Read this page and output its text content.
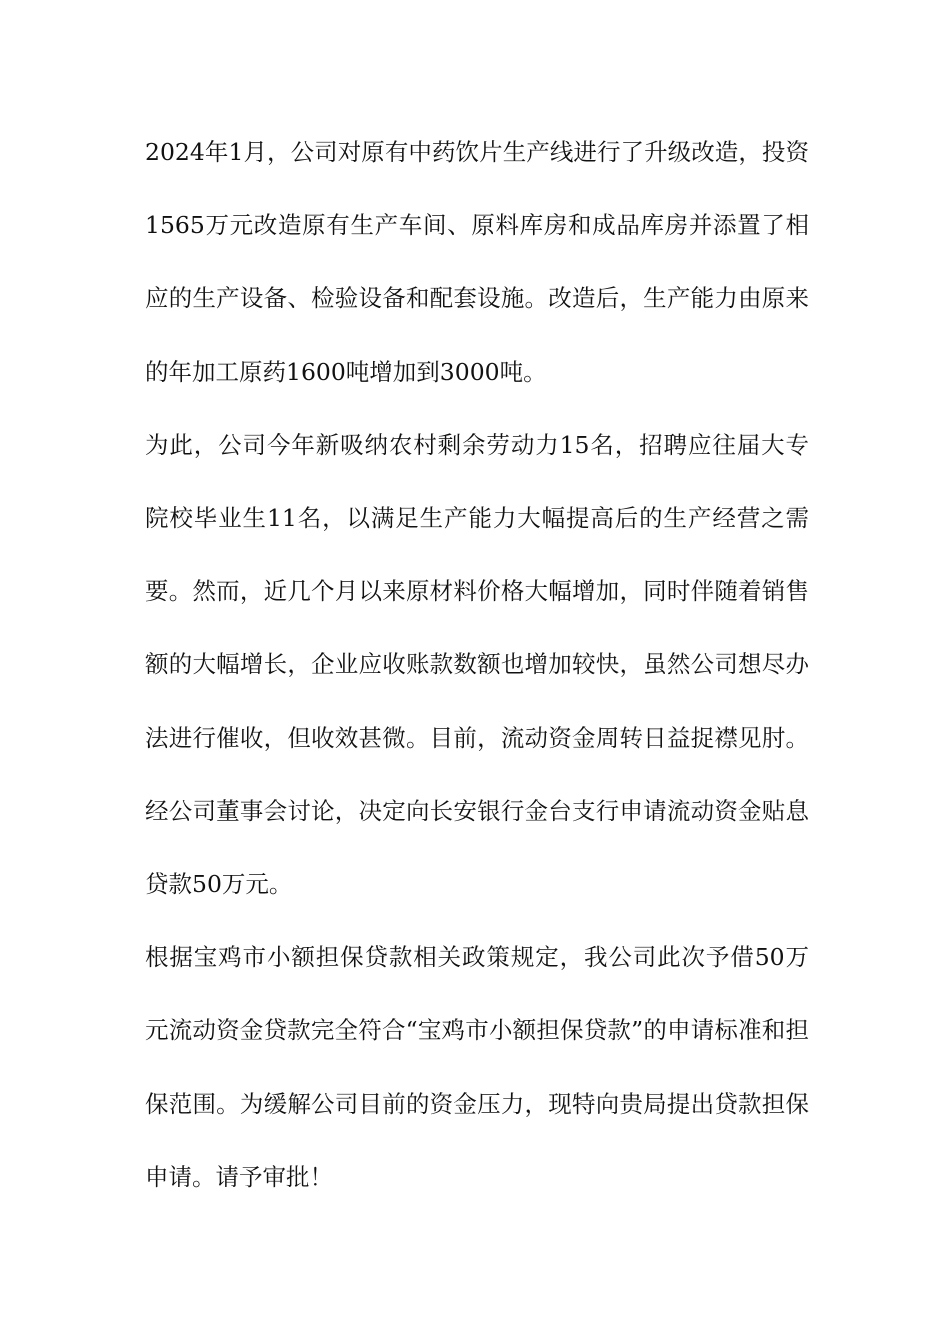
2024年1月，公司对原有中药饮片生产线进行了升级改造，投资1565万元改造原有生产车间、原料库房和成品库房并添置了相应的生产设备、检验设备和配套设施。改造后，生产能力由原来的年加工原药1600吨增加到3000吨。

为此，公司今年新吸纳农村剩余劳动力15名，招聘应往届大专院校毕业生11名，以满足生产能力大幅提高后的生产经营之需要。然而，近几个月以来原材料价格大幅增加，同时伴随着销售额的大幅增长，企业应收账款数额也增加较快，虽然公司想尽办法进行催收，但收效甚微。目前，流动资金周转日益捉襟见肘。经公司董事会讨论，决定向长安银行金台支行申请流动资金贴息贷款50万元。

根据宝鸡市小额担保贷款相关政策规定，我公司此次予借50万元流动资金贷款完全符合“宝鸡市小额担保贷款”的申请标准和担保范围。为缓解公司目前的资金压力，现特向贵局提出贷款担保申请。请予审批！
